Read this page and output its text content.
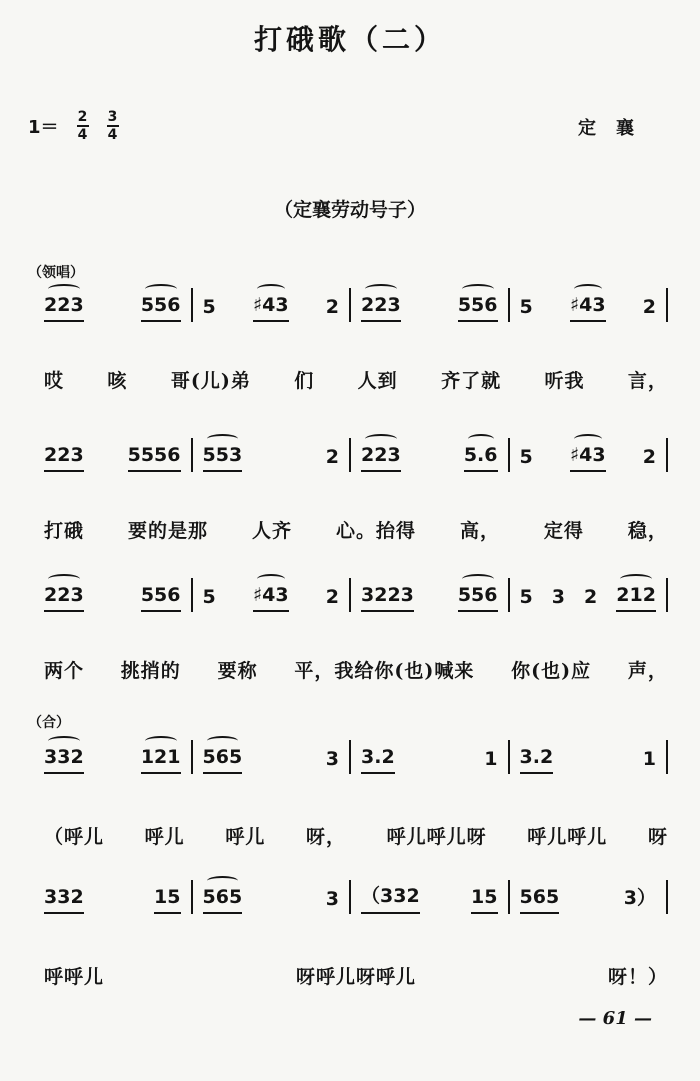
打硪歌（二）
$1= \frac{2}{4} \frac{3}{4}$	定襄
（定襄劳动号子）
（领唱）
（合）
223	556 5 ♯43 2 223	556 5 ♯43 2
哎 咳 哥(儿)弟 们 人到 齐了就 听我 言，
223 5556 553	2 223	5.6 5 ♯43 2
打硪 要的是那 人齐 心。抬得 高， 定得 稳，
223	556 5 ♯43 2 3223 556 5 3 2 212
两个 挑捎的 要称 平，我给你(也)喊来 你(也)应 声，
332	121 565	3 3.2	1 3.2	1
（呼儿 呼儿 呼儿 呀， 呼儿呼儿呀 呼儿呼儿 呀
332	15 565	3 （332	15 565	3）
呼呼儿	呀呼儿呀呼儿	呀！）
— 61 —
